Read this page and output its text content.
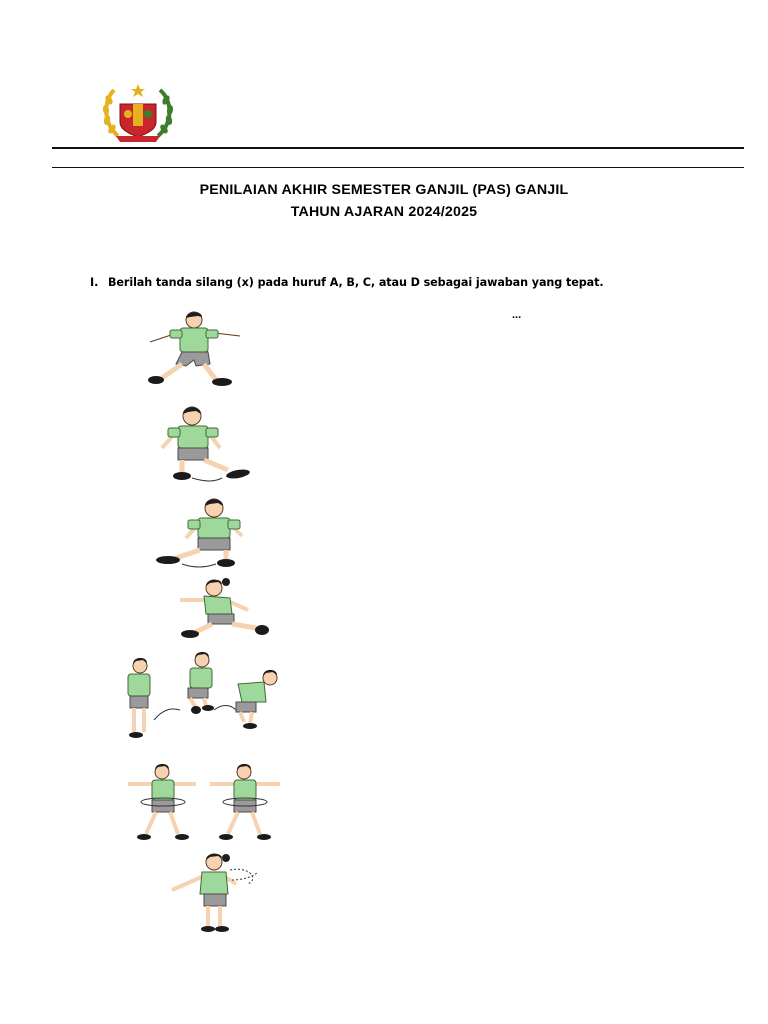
PENILAIAN AKHIR SEMESTER GANJIL (PAS) GANJIL
TAHUN AJARAN 2024/2025
I. Berilah tanda silang (x) pada huruf A, B, C, atau D sebagai jawaban yang tepat.
...
